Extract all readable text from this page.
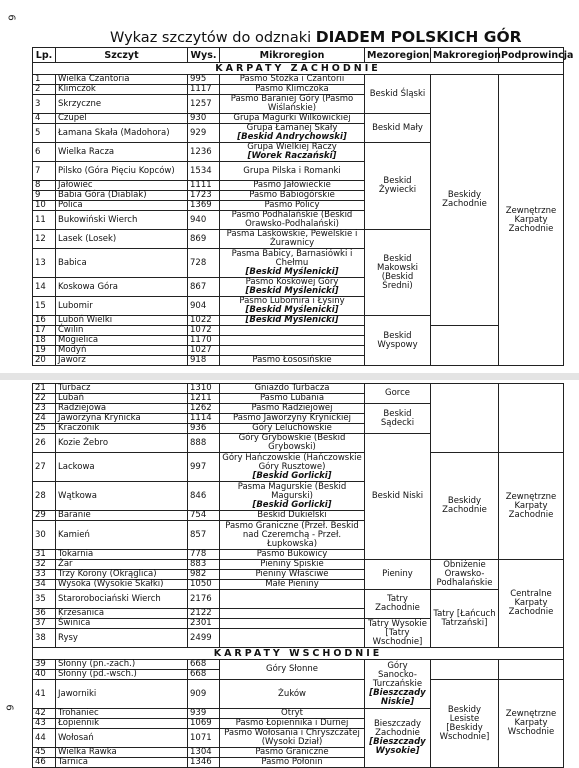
6
6
Wykaz szczytów do odznaki DIADEM POLSKICH GÓR
Lp.	Szczyt	Wys.	Mikroregion	Mezoregion	Makroregion	Podprowincja
KARPATY ZACHODNIE						
1	Wielka Czantoria	995	Pasmo Stożka i Czantorii	Beskid Śląski	Beskidy Zachodnie	Zewnętrzne Karpaty Zachodnie
2	Klimczok	1117	Pasmo Klimczoka			
3	Skrzyczne	1257	Pasmo Baraniej Góry (Pasmo Wiślańskie)			
4	Czupel	930	Grupa Magurki Wilkowickiej	Beskid Mały		
5	Łamana Skała (Madohora)	929	Grupa Łamanej Skały
[Beskid Andrychowski]			

6	Wielka Racza	1236	Grupa Wielkiej Raczy
[Worek Raczański]	Beskid Żywiecki		
7	Pilsko (Góra Pięciu Kopców)	1534	Grupa Pilska i Romanki			
8	Jałowiec	1111	Pasmo Jałowieckie			
9	Babia Góra (Diablak)	1723	Pasmo Babiogórskie			
10	Polica	1369	Pasmo Policy			
11	Bukowiński Wierch	940	Pasmo Podhalańskie (Beskid Orawsko-Podhalański)			
12	Lasek (Losek)	869	Pasma Laskowskie, Pewelskie i Żurawnicy	Beskid Makowski (Beskid Średni)		
13	Babica	728	Pasma Babicy, Barnasiówki i Chełmu
[Beskid Myślenicki]			

14	Koskowa Góra	867	Pasmo Koskowej Góry
[Beskid Myślenicki]			

15	Lubomir	904	Pasmo Lubomira i Łysiny
[Beskid Myślenicki]			

16	Luboń Wielki	1022	[Beskid Myślenicki]	Beskid Wyspowy		
17	Ćwilin	1072				
18	Mogielica	1170				
19	Modyń	1027				
20	Jaworz	918	Pasmo Łososińskie			
21	Turbacz	1310	Gniazdo Turbacza	Gorce		
22	Lubań	1211	Pasmo Lubania			
23	Radziejowa	1262	Pasmo Radziejowej	Beskid Sądecki		
24	Jaworzyna Krynicka	1114	Pasmo Jaworzyny Krynickiej			
25	Kraczonik	936	Góry Leluchowskie			
26	Kozie Żebro	888	Góry Grybowskie (Beskid Grybowski)	Beskid Niski		
27	Lackowa	997	Góry Hańczowskie (Hańczowskie Góry Rusztowe)
[Beskid Gorlicki]		Beskidy Zachodnie	Zewnętrzne Karpaty Zachodnie
28	Wątkowa	846	Pasma Magurskie (Beskid Magurski)
[Beskid Gorlicki]			

29	Baranie	754	Beskid Dukielski			
30	Kamień	857	Pasmo Graniczne (Przeł. Beskid nad Czeremchą - Przeł. Łupkowska)			
31	Tokarnia	778	Pasmo Bukowicy			
32	Żar	883	Pieniny Spiskie	Pieniny	Obniżenie Orawsko-Podhalańskie	Centralne Karpaty Zachodnie
33	Trzy Korony (Okrąglica)	982	Pieniny Właściwe			
34	Wysoka (Wysokie Skałki)	1050	Małe Pieniny			
35	Starorobociański Wierch	2176		Tatry Zachodnie	Tatry [Łańcuch Tatrzański]	
36	Krzesanica	2122				
37	Świnica	2301		Tatry Wysokie [Tatry Wschodnie]		
38	Rysy	2499				
KARPATY WSCHODNIE						
39	Słonny (pn.-zach.)	668	Góry Słonne	Góry Sanocko-Turczańskie
[Bieszczady Niskie]		

40	Słonny (pd.-wsch.)	668				
41	Jaworniki	909	Żuków		Beskidy Lesiste [Beskidy Wschodnie]	Zewnętrzne Karpaty Wschodnie
42	Trohaniec	939	Otryt	Bieszczady Zachodnie
[Bieszczady Wysokie]		

43	Łopiennik	1069	Pasmo Łopiennika i Durnej			
44	Wołosań	1071	Pasmo Wołosania i Chryszczatej (Wysoki Dział)			
45	Wielka Rawka	1304	Pasmo Graniczne			
46	Tarnica	1346	Pasmo Połonin			
